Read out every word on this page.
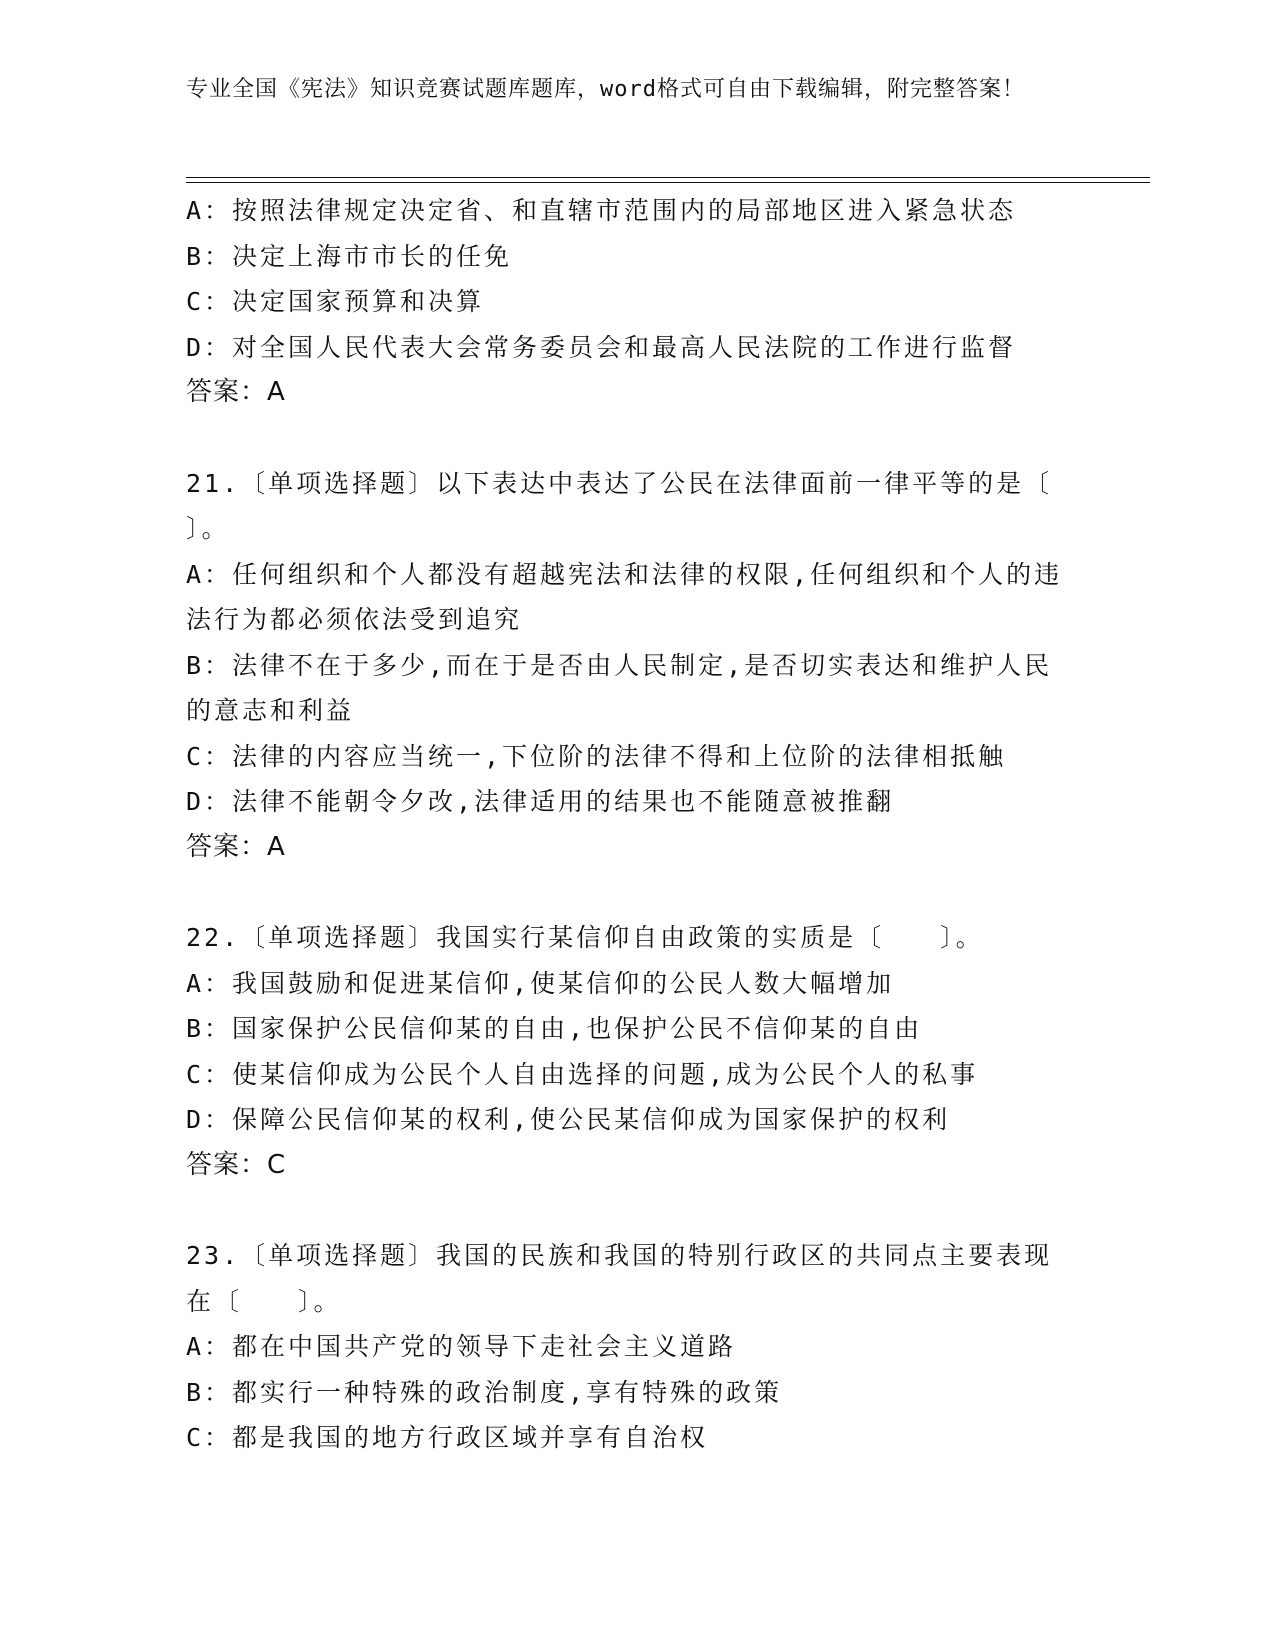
专业全国《宪法》知识竞赛试题库题库，word格式可自由下载编辑，附完整答案！
A：按照法律规定决定省、和直辖市范围内的局部地区进入紧急状态
B：决定上海市市长的任免
C：决定国家预算和决算
D：对全国人民代表大会常务委员会和最高人民法院的工作进行监督
答案：A
21.〔单项选择题〕以下表达中表达了公民在法律面前一律平等的是〔 〕。
A：任何组织和个人都没有超越宪法和法律的权限,任何组织和个人的违法行为都必须依法受到追究
B：法律不在于多少,而在于是否由人民制定,是否切实表达和维护人民的意志和利益
C：法律的内容应当统一,下位阶的法律不得和上位阶的法律相抵触
D：法律不能朝令夕改,法律适用的结果也不能随意被推翻
答案：A
22.〔单项选择题〕我国实行某信仰自由政策的实质是〔　　〕。
A：我国鼓励和促进某信仰,使某信仰的公民人数大幅增加
B：国家保护公民信仰某的自由,也保护公民不信仰某的自由
C：使某信仰成为公民个人自由选择的问题,成为公民个人的私事
D：保障公民信仰某的权利,使公民某信仰成为国家保护的权利
答案：C
23.〔单项选择题〕我国的民族和我国的特别行政区的共同点主要表现在〔　　〕。
A：都在中国共产党的领导下走社会主义道路
B：都实行一种特殊的政治制度,享有特殊的政策
C：都是我国的地方行政区域并享有自治权
